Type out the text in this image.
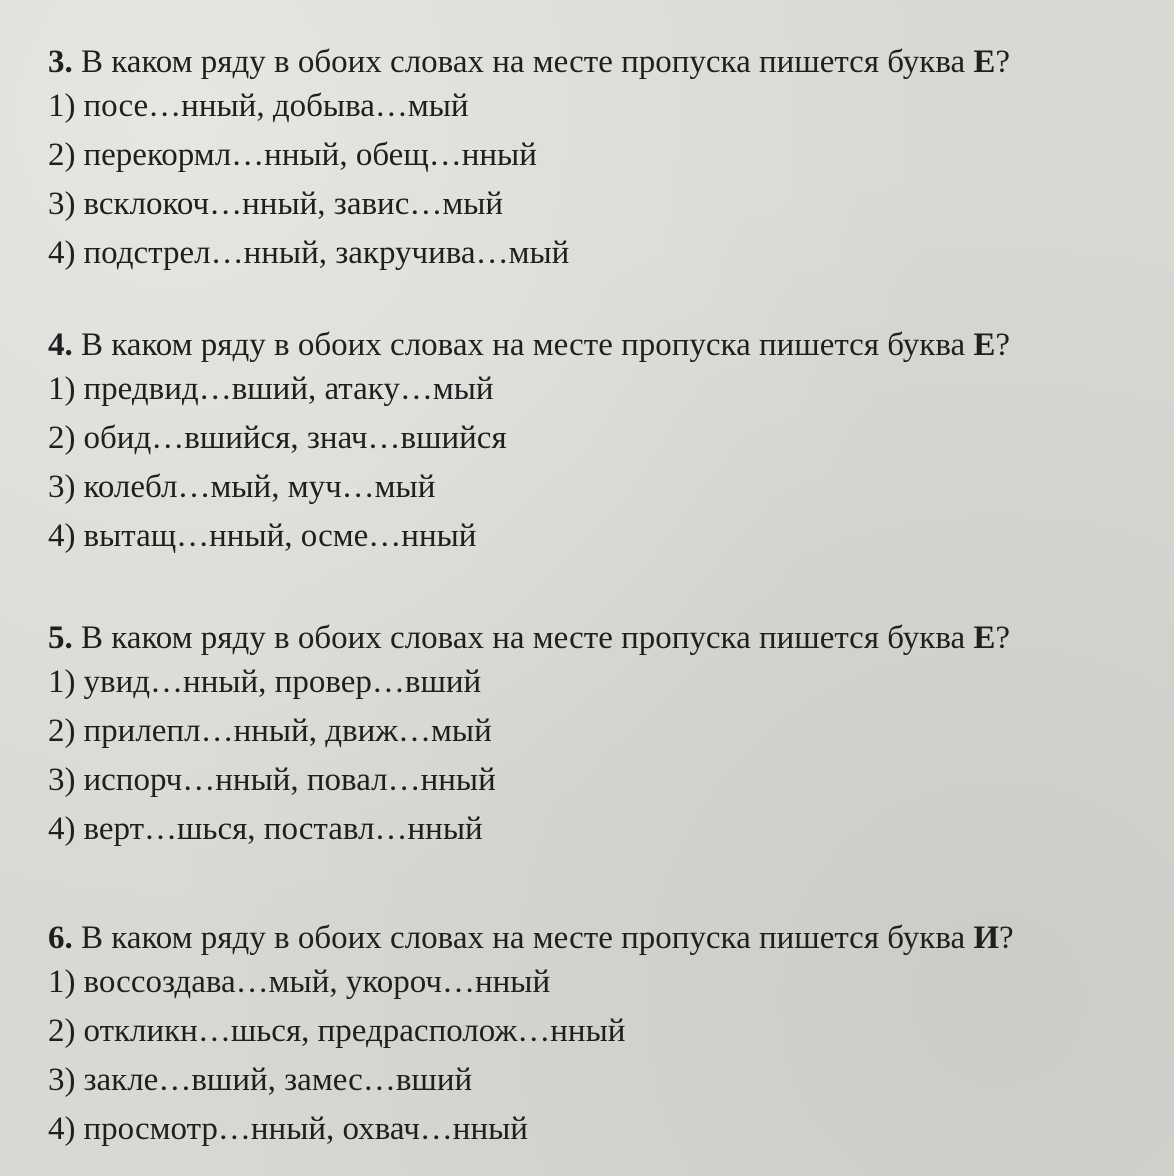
3. В каком ряду в обоих словах на месте пропуска пишется буква Е?

1) посе…нный, добыва…мый

2) перекормл…нный, обещ…нный

3) всклокоч…нный, завис…мый

4) подстрел…нный, закручива…мый

4. В каком ряду в обоих словах на месте пропуска пишется буква Е?

1) предвид…вший, атаку…мый

2) обид…вшийся, знач…вшийся

3) колебл…мый, муч…мый

4) вытащ…нный, осме…нный

5. В каком ряду в обоих словах на месте пропуска пишется буква Е?

1) увид…нный, провер…вший

2) прилепл…нный, движ…мый

3) испорч…нный, повал…нный

4) верт…шься, поставл…нный

6. В каком ряду в обоих словах на месте пропуска пишется буква И?

1) воссоздава…мый, укороч…нный

2) откликн…шься, предрасполож…нный

3) закле…вший, замес…вший

4) просмотр…нный, охвач…нный
